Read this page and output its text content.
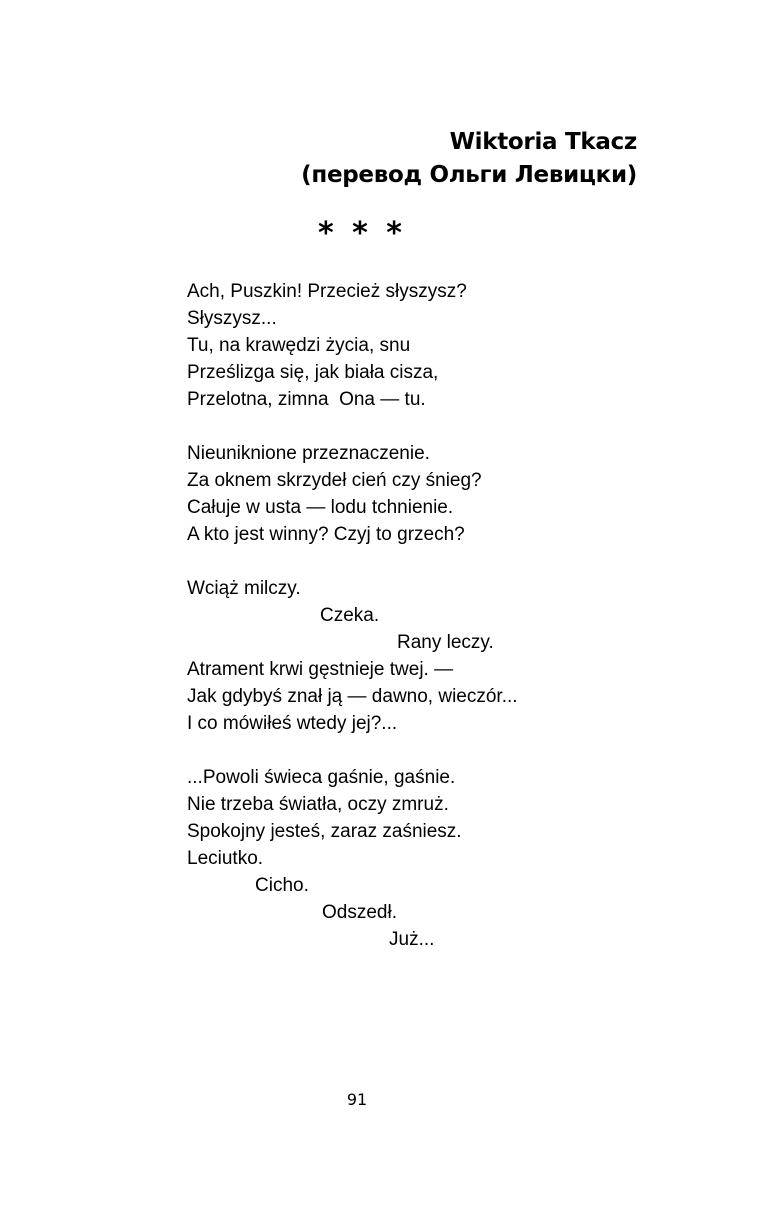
Wiktoria Tkacz
(перевод Ольги Левицки)
* * *
Ach, Puszkin! Przecież słyszysz?
Słyszysz...
Tu, na krawędzi życia, snu
Prześlizga się, jak biała cisza,
Przelotna, zimna  Ona — tu.
Nieuniknione przeznaczenie.
Za oknem skrzydeł cień czy śnieg?
Całuje w usta — lodu tchnienie.
A kto jest winny? Czyj to grzech?
Wciąż milczy.
Czeka.
Rany leczy.
Atrament krwi gęstnieje twej. —
Jak gdybyś znał ją — dawno, wieczór...
I co mówiłeś wtedy jej?...
...Powoli świeca gaśnie, gaśnie.
Nie trzeba światła, oczy zmruż.
Spokojny jesteś, zaraz zaśniesz.
Leciutko.
Cicho.
Odszedł.
Już...
91
